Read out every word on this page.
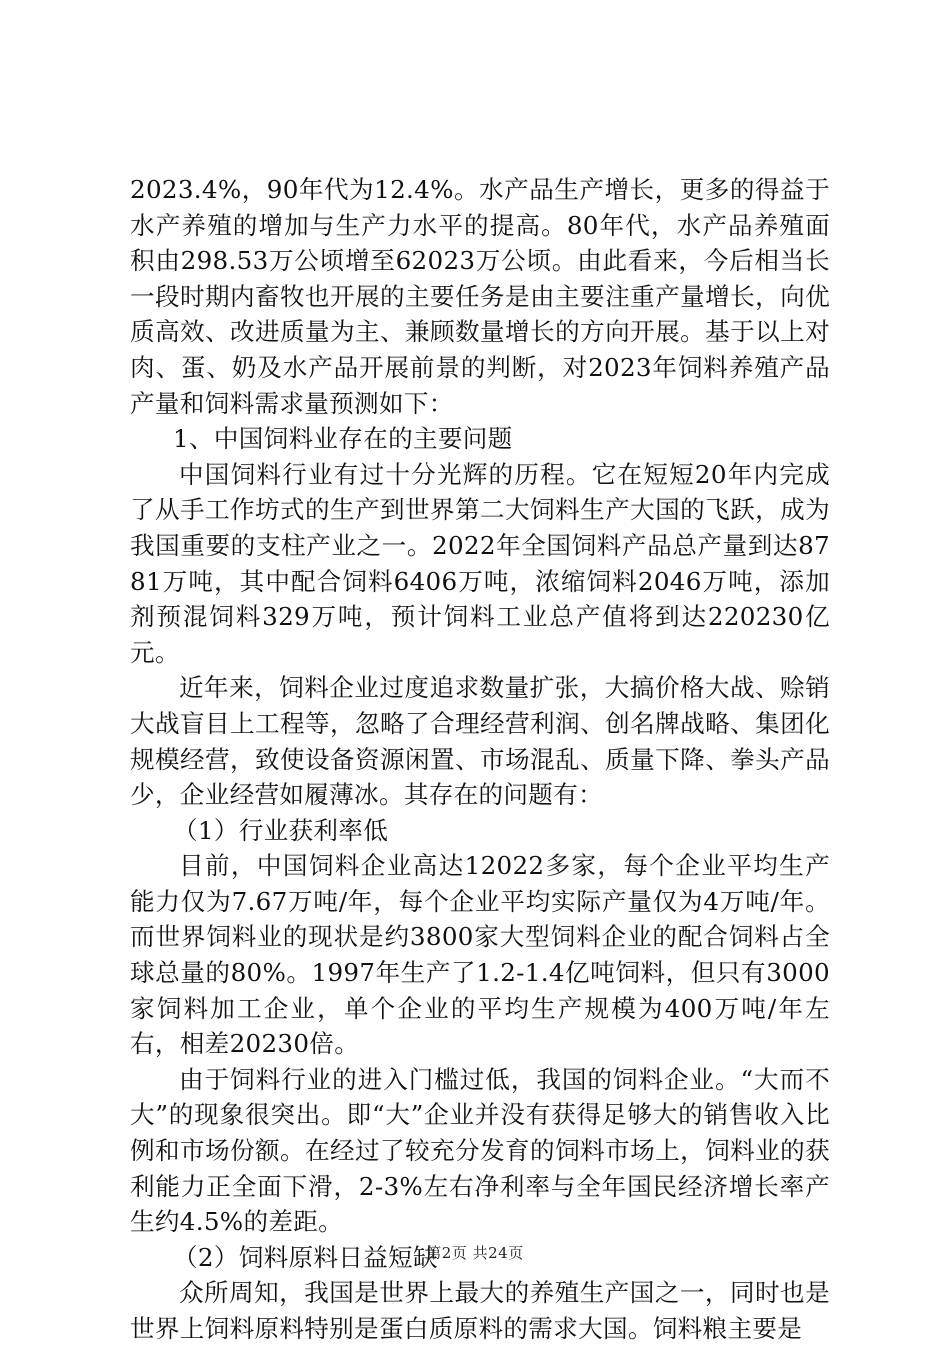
2023.4%，90年代为12.4%。水产品生产增长，更多的得益于水产养殖的增加与生产力水平的提高。80年代，水产品养殖面积由298.53万公顷增至62023万公顷。由此看来，今后相当长一段时期内畜牧也开展的主要任务是由主要注重产量增长，向优质高效、改进质量为主、兼顾数量增长的方向开展。基于以上对肉、蛋、奶及水产品开展前景的判断，对2023年饲料养殖产品产量和饲料需求量预测如下：

1、中国饲料业存在的主要问题

中国饲料行业有过十分光辉的历程。它在短短20年内完成了从手工作坊式的生产到世界第二大饲料生产大国的飞跃，成为我国重要的支柱产业之一。2022年全国饲料产品总产量到达8781万吨，其中配合饲料6406万吨，浓缩饲料2046万吨，添加剂预混饲料329万吨，预计饲料工业总产值将到达220230亿元。

近年来，饲料企业过度追求数量扩张，大搞价格大战、赊销大战盲目上工程等，忽略了合理经营利润、创名牌战略、集团化规模经营，致使设备资源闲置、市场混乱、质量下降、拳头产品少，企业经营如履薄冰。其存在的问题有：

（1）行业获利率低

目前，中国饲料企业高达12022多家，每个企业平均生产能力仅为7.67万吨/年，每个企业平均实际产量仅为4万吨/年。而世界饲料业的现状是约3800家大型饲料企业的配合饲料占全球总量的80%。1997年生产了1.2-1.4亿吨饲料，但只有3000家饲料加工企业，单个企业的平均生产规模为400万吨/年左右，相差20230倍。

由于饲料行业的进入门槛过低，我国的饲料企业。“大而不大”的现象很突出。即“大”企业并没有获得足够大的销售收入比例和市场份额。在经过了较充分发育的饲料市场上，饲料业的获利能力正全面下滑，2-3%左右净利率与全年国民经济增长率产生约4.5%的差距。

（2）饲料原料日益短缺

众所周知，我国是世界上最大的养殖生产国之一，同时也是世界上饲料原料特别是蛋白质原料的需求大国。饲料粮主要是

第2页 共24页
